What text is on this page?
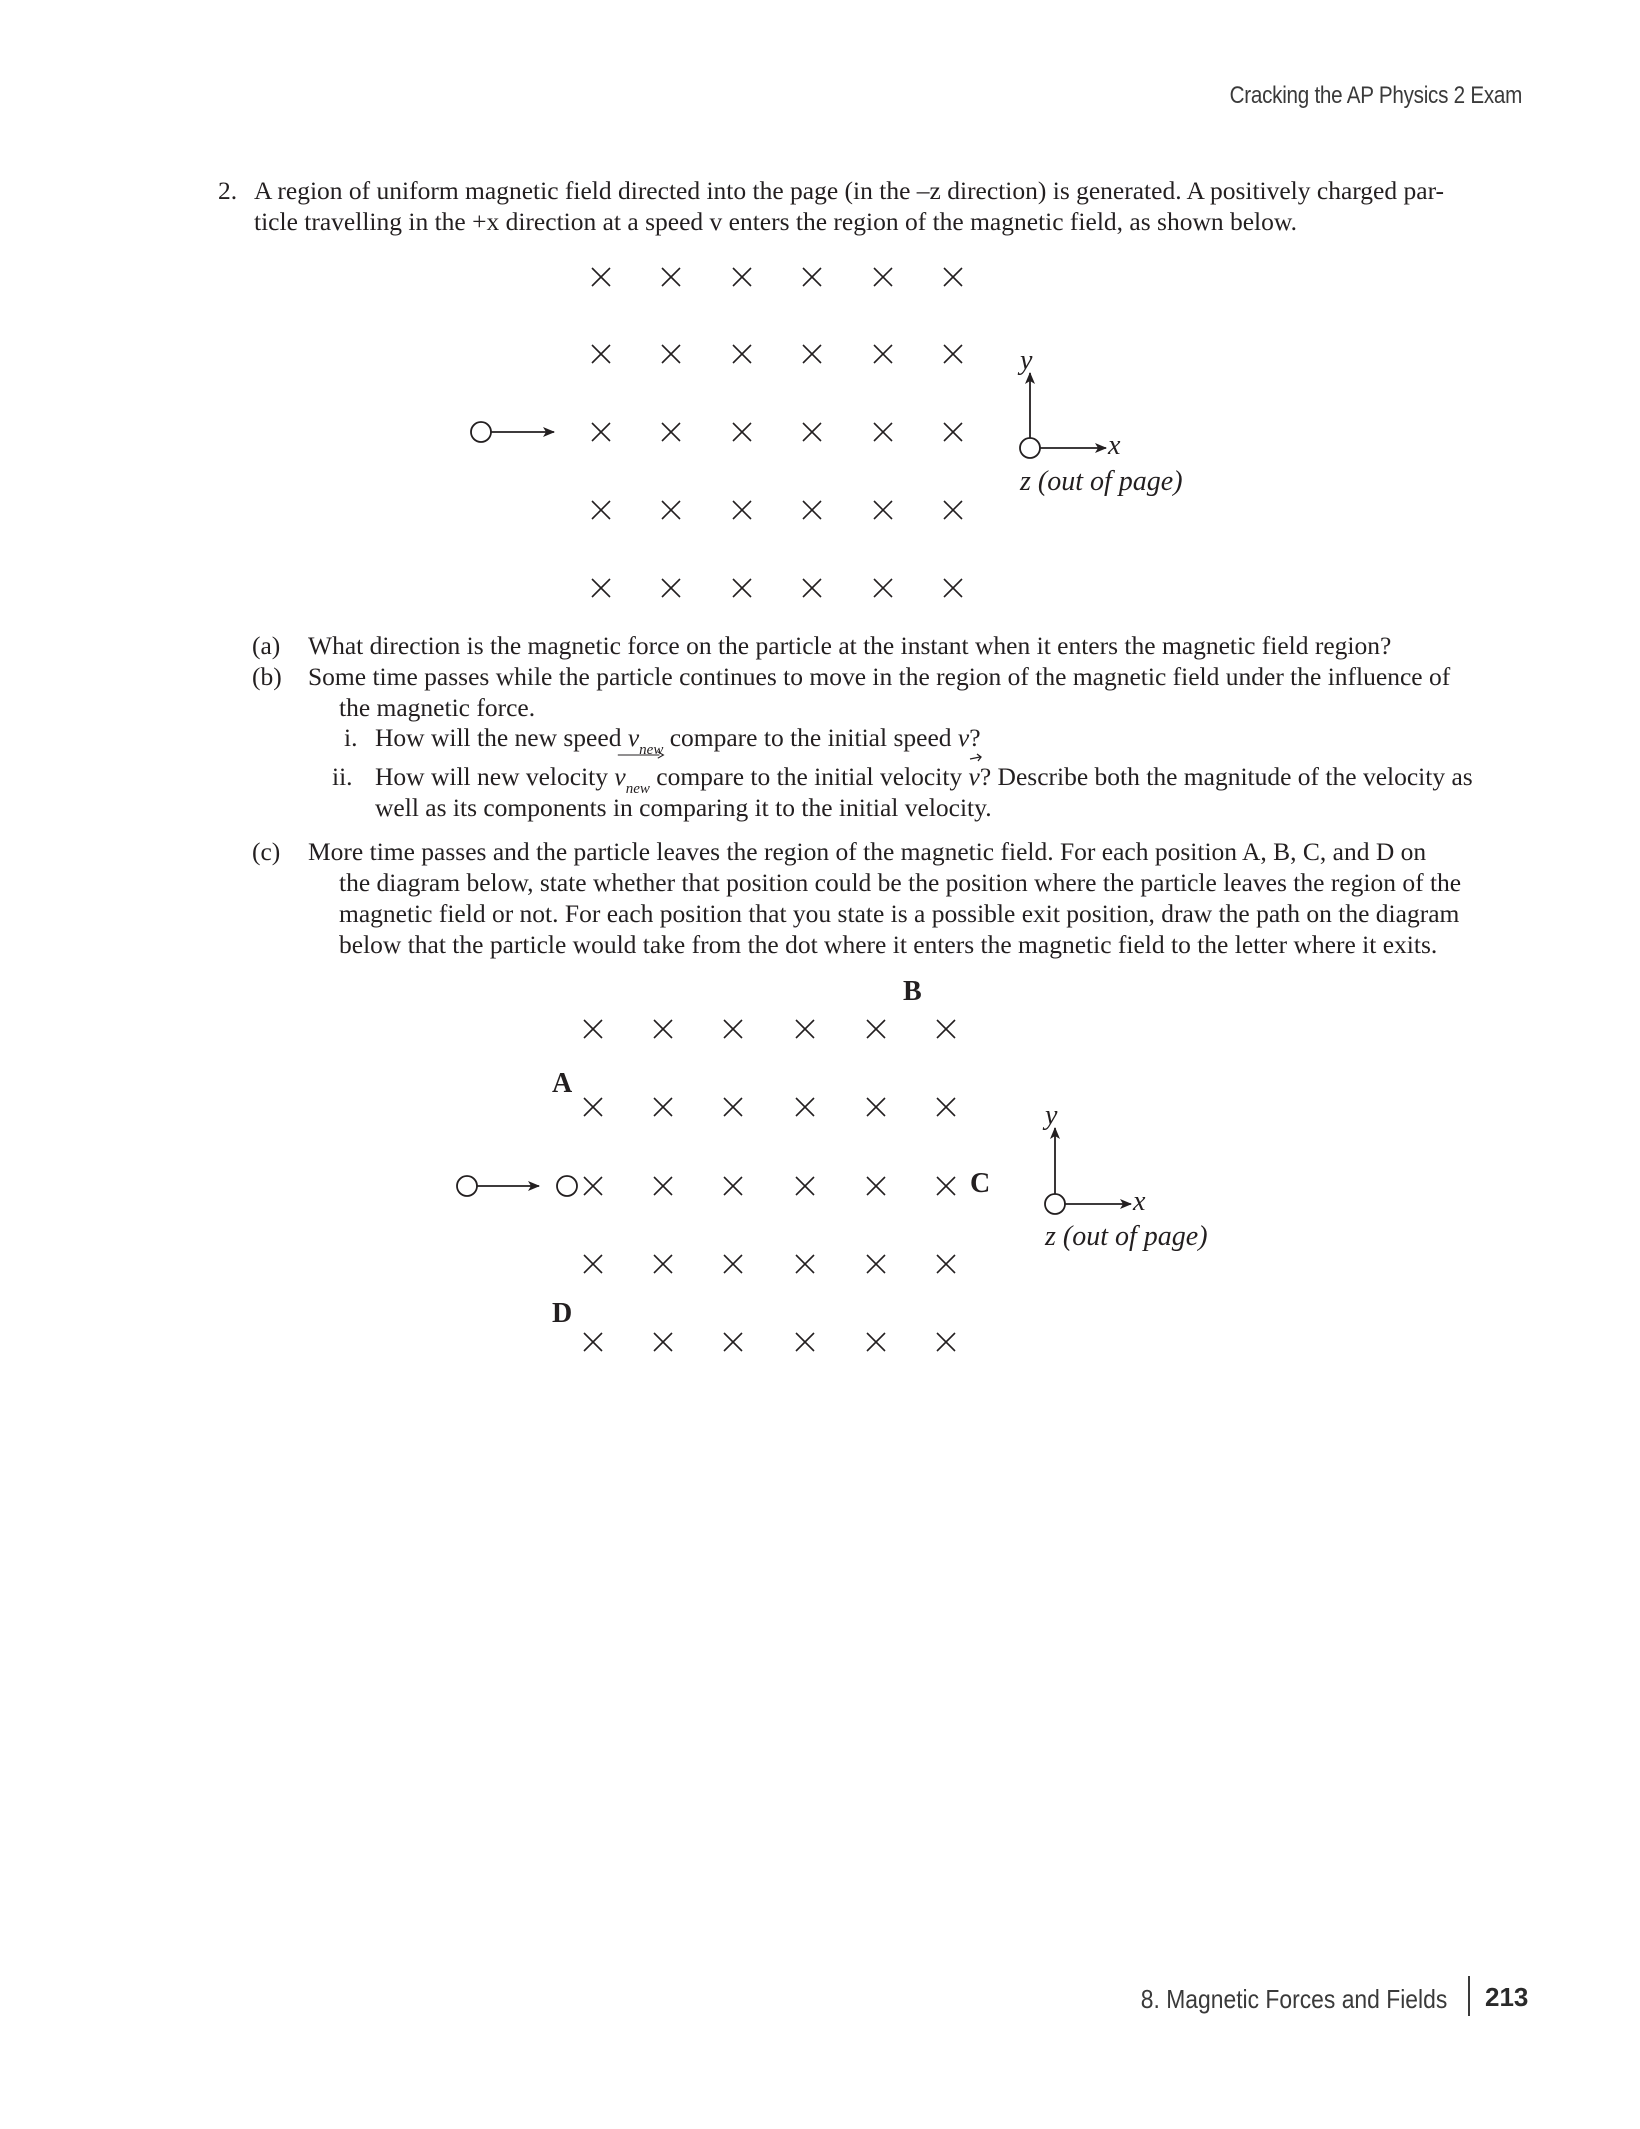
Cracking the AP Physics 2 Exam
2. A region of uniform magnetic field directed into the page (in the –z direction) is generated. A positively charged par-
ticle travelling in the +x direction at a speed v enters the region of the magnetic field, as shown below.
y
x
z (out of page)
(a) What direction is the magnetic force on the particle at the instant when it enters the magnetic field region?
(b) Some time passes while the particle continues to move in the region of the magnetic field under the influence of
the magnetic force.
i. How will the new speed $v_{new}$ compare to the initial speed v?
ii. How will new velocity
$v_{new}$ compare to the initial velocity
v? Describe both the magnitude of the velocity as
well as its components in comparing it to the initial velocity.
(c) More time passes and the particle leaves the region of the magnetic field. For each position A, B, C, and D on
the diagram below, state whether that position could be the position where the particle leaves the region of the
magnetic field or not. For each position that you state is a possible exit position, draw the path on the diagram
below that the particle would take from the dot where it enters the magnetic field to the letter where it exits.
B
A
C
D
y
x
z (out of page)
8. Magnetic Forces and Fields 213
